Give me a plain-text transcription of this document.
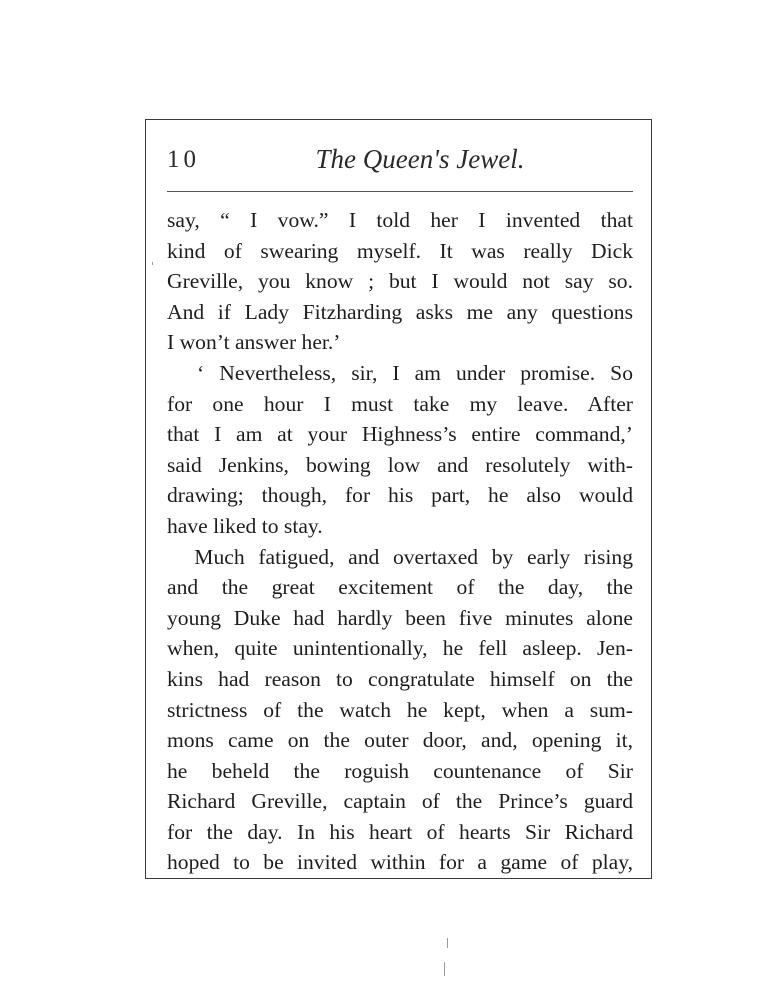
10	The Queen's Jewel.
say, “ I vow.” I told her I invented that
kind of swearing myself. It was really Dick
Greville, you know ; but I would not say so.
And if Lady Fitzharding asks me any questions
I won’t answer her.’
‘ Nevertheless, sir, I am under promise. So
for one hour I must take my leave. After
that I am at your Highness’s entire command,’
said Jenkins, bowing low and resolutely with-
drawing; though, for his part, he also would
have liked to stay.
Much fatigued, and overtaxed by early rising
and the great excitement of the day, the
young Duke had hardly been five minutes alone
when, quite unintentionally, he fell asleep. Jen-
kins had reason to congratulate himself on the
strictness of the watch he kept, when a sum-
mons came on the outer door, and, opening it,
he beheld the roguish countenance of Sir
Richard Greville, captain of the Prince’s guard
for the day. In his heart of hearts Sir Richard
hoped to be invited within for a game of play,
